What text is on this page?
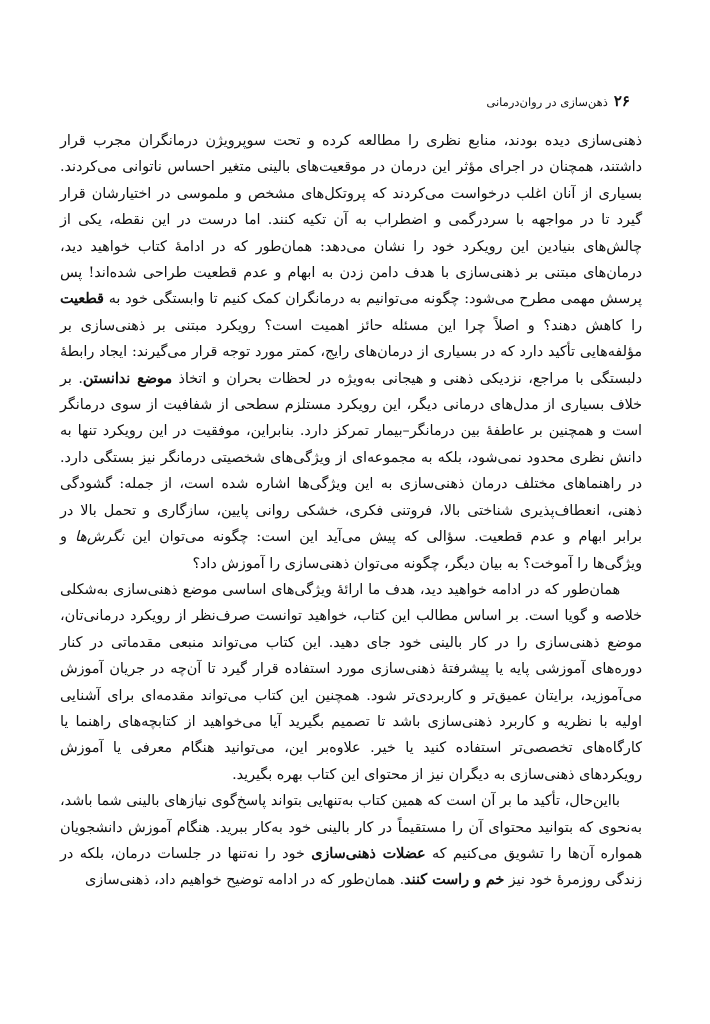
۲۶
ذهن‌سازی در روان‌درمانی

ذهنی‌سازی دیده بودند، منابع نظری را مطالعه کرده و تحت سوپرویژن درمانگران مجرب قرار داشتند، همچنان در اجرای مؤثر این درمان در موقعیت‌های بالینی متغیر احساس ناتوانی می‌کردند. بسیاری از آنان اغلب درخواست می‌کردند که پروتکل‌های مشخص و ملموسی در اختیارشان قرار گیرد تا در مواجهه با سردرگمی و اضطراب به آن تکیه کنند. اما درست در این نقطه، یکی از چالش‌های بنیادین این رویکرد خود را نشان می‌دهد: همان‌طور که در ادامهٔ کتاب خواهید دید، درمان‌های مبتنی بر ذهنی‌سازی با هدف دامن زدن به ابهام و عدم قطعیت طراحی شده‌اند! پس پرسش مهمی مطرح می‌شود: چگونه می‌توانیم به درمانگران کمک کنیم تا وابستگی خود به قطعیت را کاهش دهند؟ و اصلاً چرا این مسئله حائز اهمیت است؟ رویکرد مبتنی بر ذهنی‌سازی بر مؤلفه‌هایی تأکید دارد که در بسیاری از درمان‌های رایج، کمتر مورد توجه قرار می‌گیرند: ایجاد رابطهٔ دلبستگی با مراجع، نزدیکی ذهنی و هیجانی به‌ویژه در لحظات بحران و اتخاذ موضع ندانستن. بر خلاف بسیاری از مدل‌های درمانی دیگر، این رویکرد مستلزم سطحی از شفافیت از سوی درمانگر است و همچنین بر عاطفهٔ بین درمانگر–بیمار تمرکز دارد. بنابراین، موفقیت در این رویکرد تنها به دانش نظری محدود نمی‌شود، بلکه به مجموعه‌ای از ویژگی‌های شخصیتی درمانگر نیز بستگی دارد. در راهنماهای مختلف درمان ذهنی‌سازی به این ویژگی‌ها اشاره شده است، از جمله: گشودگی ذهنی، انعطاف‌پذیری شناختی بالا، فروتنی فکری، خشکی روانی پایین، سازگاری و تحمل بالا در برابر ابهام و عدم قطعیت. سؤالی که پیش می‌آید این است: چگونه می‌توان این نگرش‌ها و ویژگی‌ها را آموخت؟ به بیان دیگر، چگونه می‌توان ذهنی‌سازی را آموزش داد؟

همان‌طور که در ادامه خواهید دید، هدف ما ارائهٔ ویژگی‌های اساسی موضع ذهنی‌سازی به‌شکلی خلاصه و گویا است. بر اساس مطالب این کتاب، خواهید توانست صرف‌نظر از رویکرد درمانی‌تان، موضع ذهنی‌سازی را در کار بالینی خود جای دهید. این کتاب می‌تواند منبعی مقدماتی در کنار دوره‌های آموزشی پایه یا پیشرفتهٔ ذهنی‌سازی مورد استفاده قرار گیرد تا آن‌چه در جریان آموزش می‌آموزید، برایتان عمیق‌تر و کاربردی‌تر شود. همچنین این کتاب می‌تواند مقدمه‌ای برای آشنایی اولیه با نظریه و کاربرد ذهنی‌سازی باشد تا تصمیم بگیرید آیا می‌خواهید از کتابچه‌های راهنما یا کارگاه‌های تخصصی‌تر استفاده کنید یا خیر. علاوه‌بر این، می‌توانید هنگام معرفی یا آموزش رویکردهای ذهنی‌سازی به دیگران نیز از محتوای این کتاب بهره بگیرید.

بااین‌حال، تأکید ما بر آن است که همین کتاب به‌تنهایی بتواند پاسخ‌گوی نیازهای بالینی شما باشد، به‌نحوی که بتوانید محتوای آن را مستقیماً در کار بالینی خود به‌کار ببرید. هنگام آموزش دانشجویان همواره آن‌ها را تشویق می‌کنیم که عضلات ذهنی‌سازی خود را نه‌تنها در جلسات درمان، بلکه در زندگی روزمرهٔ خود نیز خم و راست کنند. همان‌طور که در ادامه توضیح خواهیم داد، ذهنی‌سازی
